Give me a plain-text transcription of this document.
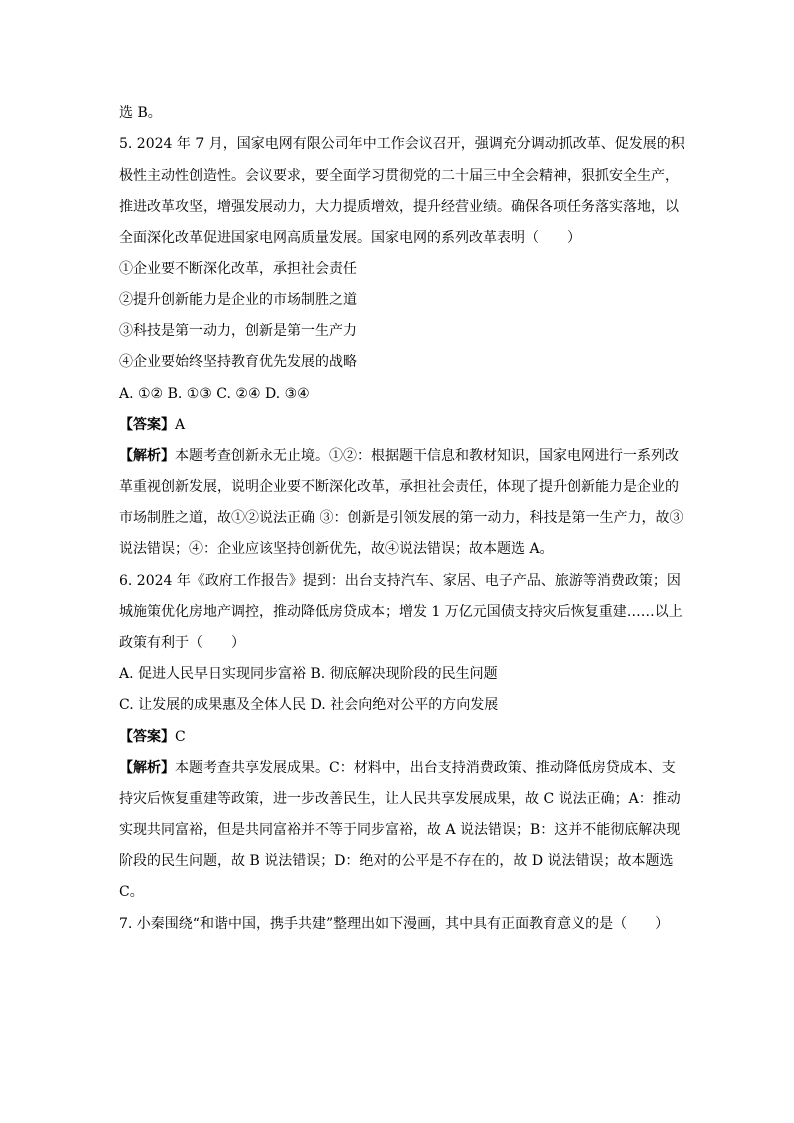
选 B。
5. 2024 年 7 月，国家电网有限公司年中工作会议召开，强调充分调动抓改革、促发展的积
极性主动性创造性。会议要求，要全面学习贯彻党的二十届三中全会精神，狠抓安全生产，
推进改革攻坚，增强发展动力，大力提质增效，提升经营业绩。确保各项任务落实落地，以
全面深化改革促进国家电网高质量发展。国家电网的系列改革表明（　　）
①企业要不断深化改革，承担社会责任
②提升创新能力是企业的市场制胜之道
③科技是第一动力，创新是第一生产力
④企业要始终坚持教育优先发展的战略
A. ①② B. ①③ C. ②④ D. ③④
【答案】A
【解析】本题考查创新永无止境。①②：根据题干信息和教材知识，国家电网进行一系列改
革重视创新发展，说明企业要不断深化改革，承担社会责任，体现了提升创新能力是企业的
市场制胜之道，故①②说法正确 ③：创新是引领发展的第一动力，科技是第一生产力，故③
说法错误；④：企业应该坚持创新优先，故④说法错误；故本题选 A。
6. 2024 年《政府工作报告》提到：出台支持汽车、家居、电子产品、旅游等消费政策；因
城施策优化房地产调控，推动降低房贷成本；增发 1 万亿元国债支持灾后恢复重建……以上
政策有利于（　　）
A. 促进人民早日实现同步富裕 B. 彻底解决现阶段的民生问题
C. 让发展的成果惠及全体人民 D. 社会向绝对公平的方向发展
【答案】C
【解析】本题考查共享发展成果。C：材料中，出台支持消费政策、推动降低房贷成本、支
持灾后恢复重建等政策，进一步改善民生，让人民共享发展成果，故 C 说法正确；A：推动
实现共同富裕，但是共同富裕并不等于同步富裕，故 A 说法错误；B：这并不能彻底解决现
阶段的民生问题，故 B 说法错误；D：绝对的公平是不存在的，故 D 说法错误；故本题选
C。
7. 小秦围绕“和谐中国，携手共建”整理出如下漫画，其中具有正面教育意义的是（　　）
